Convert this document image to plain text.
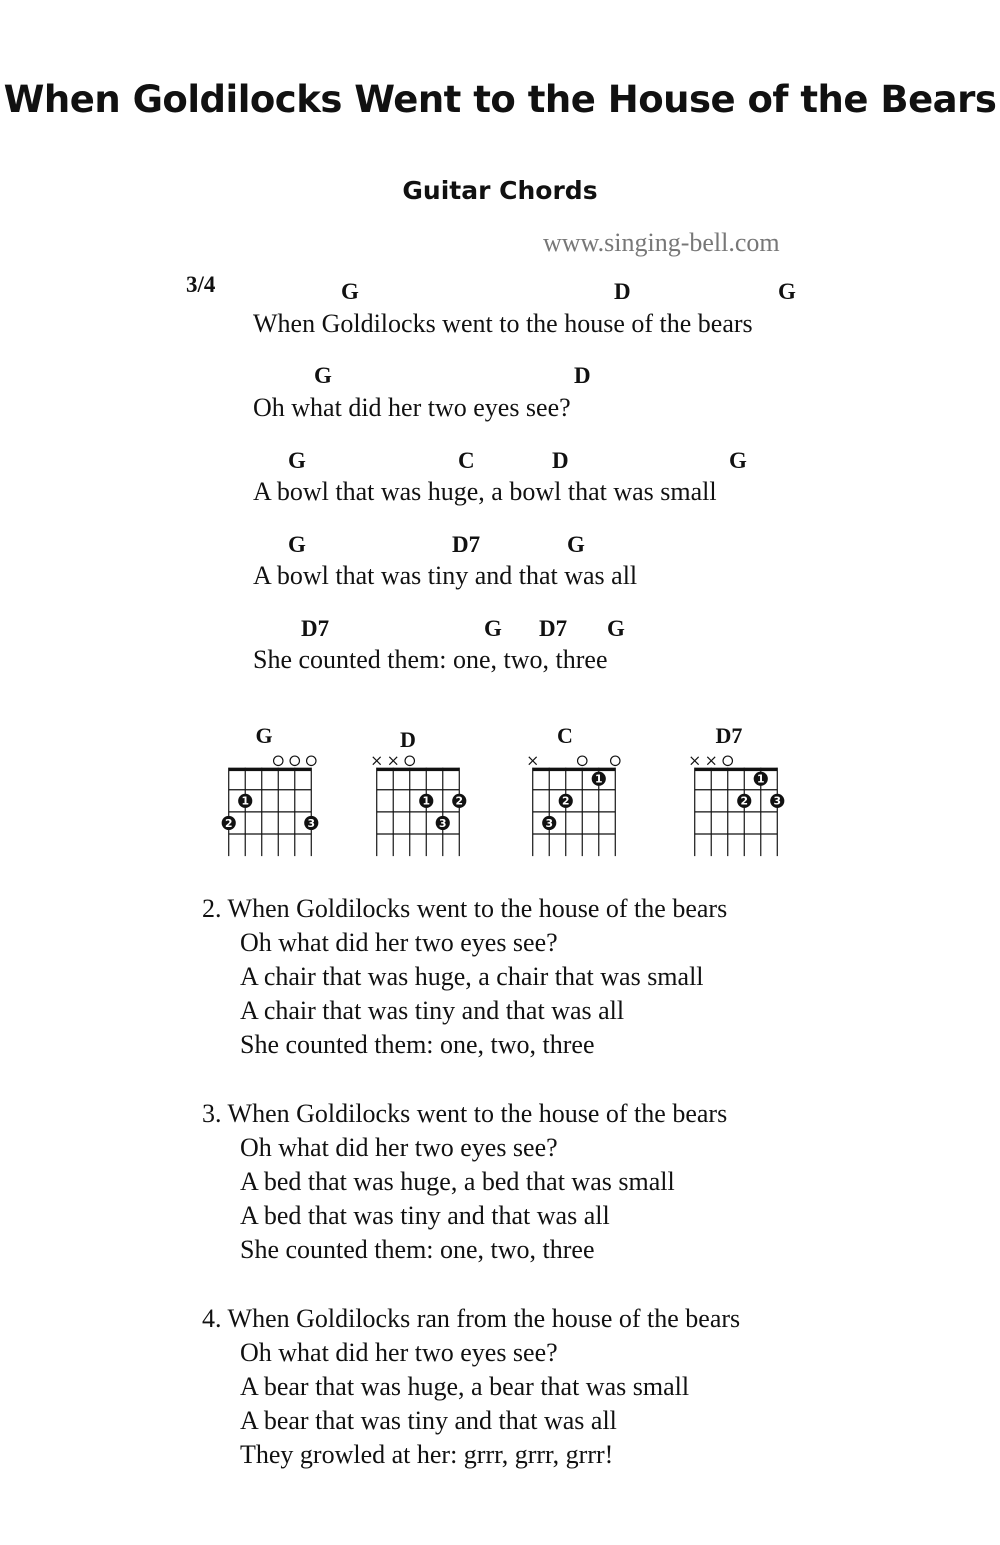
When Goldilocks Went to the House of the Bears
Guitar Chords
www.singing-bell.com
3/4	G	D	G
When Goldilocks went to the house of the bears
G	D
Oh what did her two eyes see?
G	C	D	G
A bowl that was huge, a bowl that was small
G	D7	G
A bowl that was tiny and that was all
D7	G D7 G
She counted them: one, two, three
G
1
2	3
D
1 2
3
C
1
2
3
D7
1
2 3
2. When Goldilocks went to the house of the bears
Oh what did her two eyes see?
A chair that was huge, a chair that was small
A chair that was tiny and that was all
She counted them: one, two, three
3. When Goldilocks went to the house of the bears
Oh what did her two eyes see?
A bed that was huge, a bed that was small
A bed that was tiny and that was all
She counted them: one, two, three
4. When Goldilocks ran from the house of the bears
Oh what did her two eyes see?
A bear that was huge, a bear that was small
A bear that was tiny and that was all
They growled at her: grrr, grrr, grrr!
